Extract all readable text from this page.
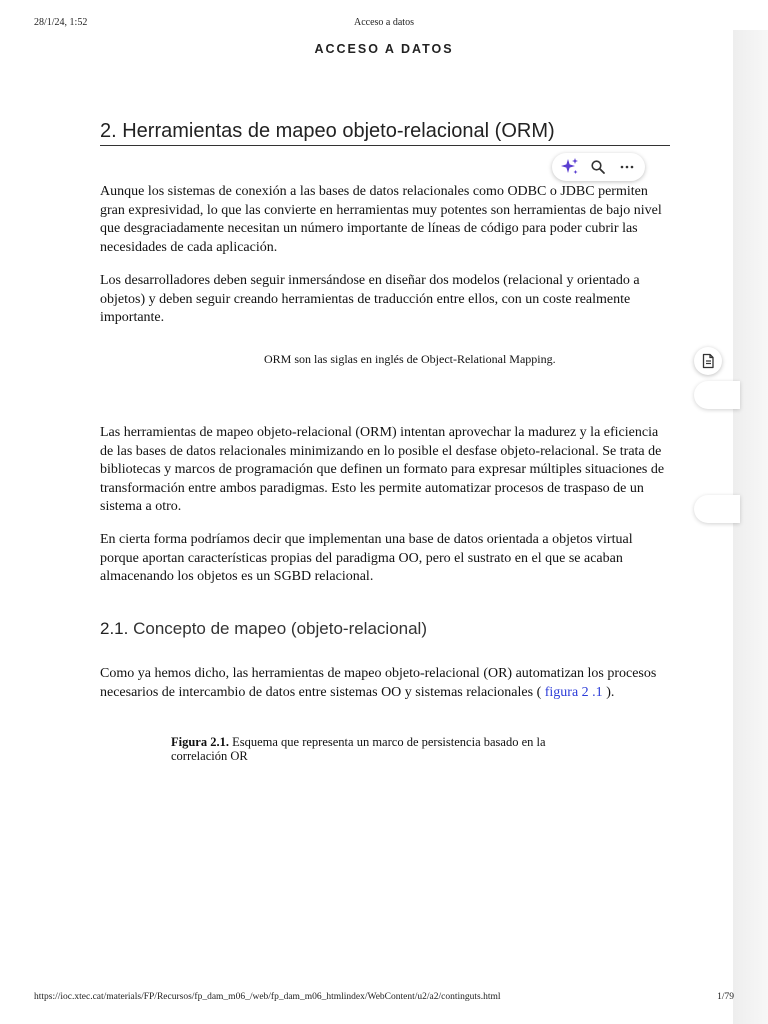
28/1/24, 1:52	Acceso a datos
ACCESO A DATOS
2. Herramientas de mapeo objeto-relacional (ORM)

Aunque los sistemas de conexión a las bases de datos relacionales como ODBC o JDBC permiten gran expresividad, lo que las convierte en herramientas muy potentes son herramientas de bajo nivel que desgraciadamente necesitan un número importante de líneas de código para poder cubrir las necesidades de cada aplicación.

Los desarrolladores deben seguir inmersándose en diseñar dos modelos (relacional y orientado a objetos) y deben seguir creando herramientas de traducción entre ellos, con un coste realmente importante.

ORM son las siglas en inglés de Object-Relational Mapping.

Las herramientas de mapeo objeto-relacional (ORM) intentan aprovechar la madurez y la eficiencia de las bases de datos relacionales minimizando en lo posible el desfase objeto-relacional. Se trata de bibliotecas y marcos de programación que definen un formato para expresar múltiples situaciones de transformación entre ambos paradigmas. Esto les permite automatizar procesos de traspaso de un sistema a otro.

En cierta forma podríamos decir que implementan una base de datos orientada a objetos virtual porque aportan características propias del paradigma OO, pero el sustrato en el que se acaban almacenando los objetos es un SGBD relacional.

2.1. Concepto de mapeo (objeto-relacional)

Como ya hemos dicho, las herramientas de mapeo objeto-relacional (OR) automatizan los procesos necesarios de intercambio de datos entre sistemas OO y sistemas relacionales ( figura 2 .1 ).

Figura 2.1. Esquema que representa un marco de persistencia basado en la correlación OR

https://ioc.xtec.cat/materials/FP/Recursos/fp_dam_m06_/web/fp_dam_m06_htmlindex/WebContent/u2/a2/continguts.html	1/79
